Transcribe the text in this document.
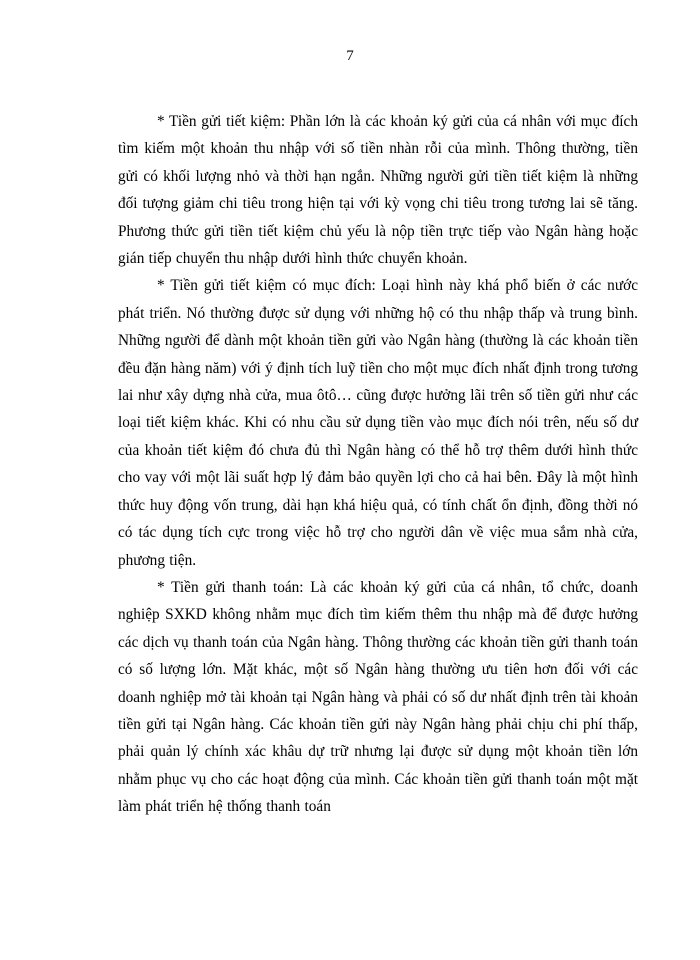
7

* Tiền gửi tiết kiệm: Phần lớn là các khoản ký gửi của cá nhân với mục đích tìm kiếm một khoản thu nhập với số tiền nhàn rỗi của mình. Thông thường, tiền gửi có khối lượng nhỏ và thời hạn ngắn. Những người gửi tiền tiết kiệm là những đối tượng giảm chi tiêu trong hiện tại với kỳ vọng chi tiêu trong tương lai sẽ tăng. Phương thức gửi tiền tiết kiệm chủ yếu là nộp tiền trực tiếp vào Ngân hàng hoặc gián tiếp chuyển thu nhập dưới hình thức chuyển khoản.

* Tiền gửi tiết kiệm có mục đích: Loại hình này khá phổ biến ở các nước phát triển. Nó thường được sử dụng với những hộ có thu nhập thấp và trung bình. Những người để dành một khoản tiền gửi vào Ngân hàng (thường là các khoản tiền đều đặn hàng năm) với ý định tích luỹ tiền cho một mục đích nhất định trong tương lai như xây dựng nhà cửa, mua ôtô… cũng được hưởng lãi trên số tiền gửi như các loại tiết kiệm khác. Khi có nhu cầu sử dụng tiền vào mục đích nói trên, nếu số dư của khoản tiết kiệm đó chưa đủ thì Ngân hàng có thể hỗ trợ thêm dưới hình thức cho vay với một lãi suất hợp lý đảm bảo quyền lợi cho cả hai bên. Đây là một hình thức huy động vốn trung, dài hạn khá hiệu quả, có tính chất ổn định, đồng thời nó có tác dụng tích cực trong việc hỗ trợ cho người dân về việc mua sắm nhà cửa, phương tiện.

* Tiền gửi thanh toán: Là các khoản ký gửi của cá nhân, tổ chức, doanh nghiệp SXKD không nhằm mục đích tìm kiếm thêm thu nhập mà để được hưởng các dịch vụ thanh toán của Ngân hàng. Thông thường các khoản tiền gửi thanh toán có số lượng lớn. Mặt khác, một số Ngân hàng thường ưu tiên hơn đối với các doanh nghiệp mở tài khoản tại Ngân hàng và phải có số dư nhất định trên tài khoản tiền gửi tại Ngân hàng. Các khoản tiền gửi này Ngân hàng phải chịu chi phí thấp, phải quản lý chính xác khâu dự trữ nhưng lại được sử dụng một khoản tiền lớn nhằm phục vụ cho các hoạt động của mình. Các khoản tiền gửi thanh toán một mặt làm phát triển hệ thống thanh toán
